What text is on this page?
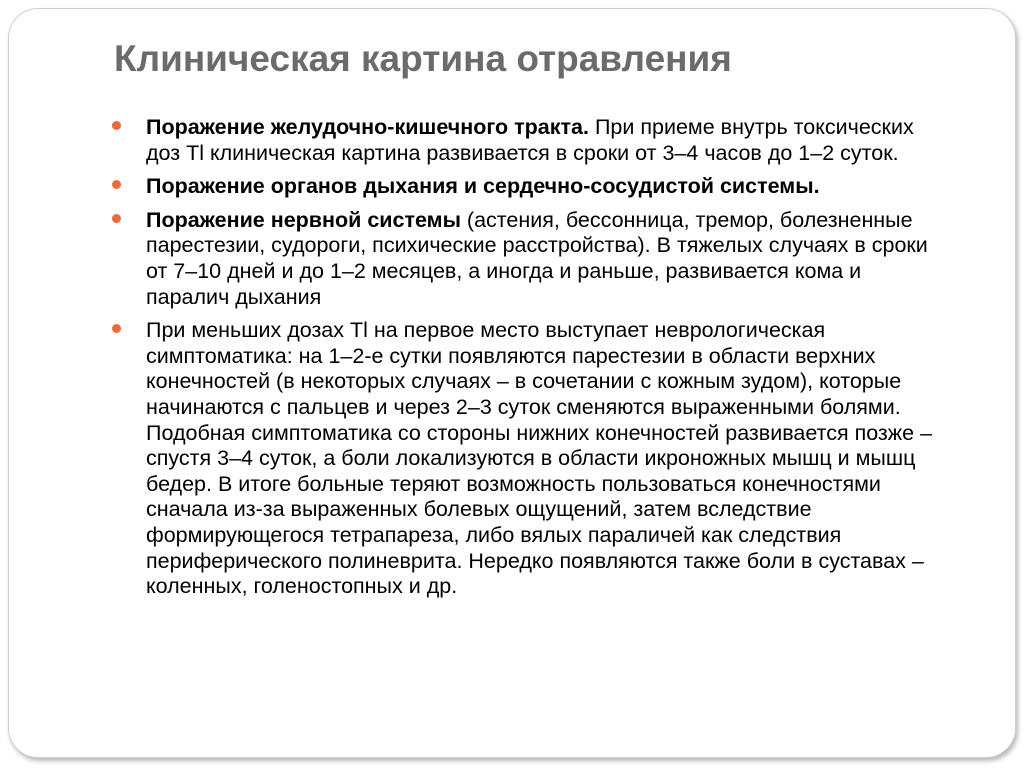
Клиническая картина отравления
Поражение желудочно-кишечного тракта. При приеме внутрь токсических доз Tl клиническая картина развивается в сроки от 3–4 часов до 1–2 суток.
Поражение органов дыхания и сердечно-сосудистой системы.
Поражение нервной системы (астения, бессонница, тремор, болезненные парестезии, судороги, психические расстройства). В тяжелых случаях в сроки от 7–10 дней и до 1–2 месяцев, а иногда и раньше, развивается кома и паралич дыхания
При меньших дозах Tl на первое место выступает неврологическая симптоматика: на 1–2-е сутки появляются парестезии в области верхних конечностей (в некоторых случаях – в сочетании с кожным зудом), которые начинаются с пальцев и через 2–3 суток сменяются выраженными болями. Подобная симптоматика со стороны нижних конечностей развивается позже – спустя 3–4 суток, а боли локализуются в области икроножных мышц и мышц бедер. В итоге больные теряют возможность пользоваться конечностями сначала из-за выраженных болевых ощущений, затем вследствие формирующегося тетрапареза, либо вялых параличей как следствия периферического полиневрита. Нередко появляются также боли в суставах – коленных, голеностопных и др.
